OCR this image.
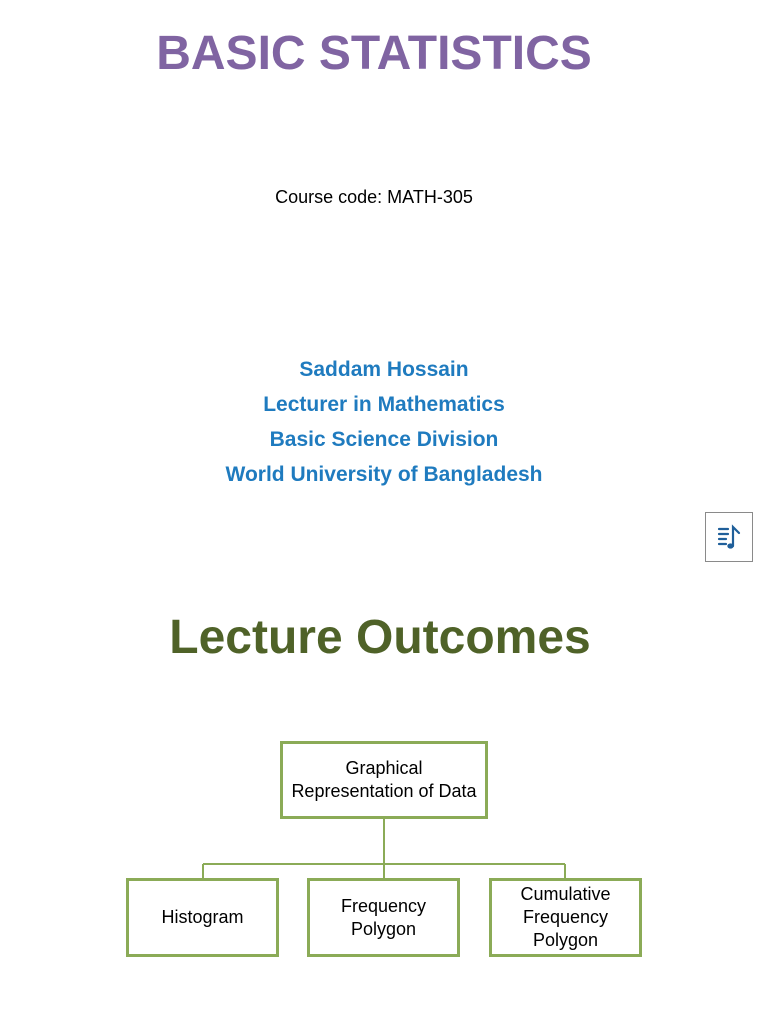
BASIC STATISTICS
Course code: MATH-305
Saddam Hossain
Lecturer in Mathematics
Basic Science Division
World University of Bangladesh
Lecture Outcomes
Graphical
Representation of Data
Histogram
Frequency
Polygon
Cumulative
Frequency
Polygon
